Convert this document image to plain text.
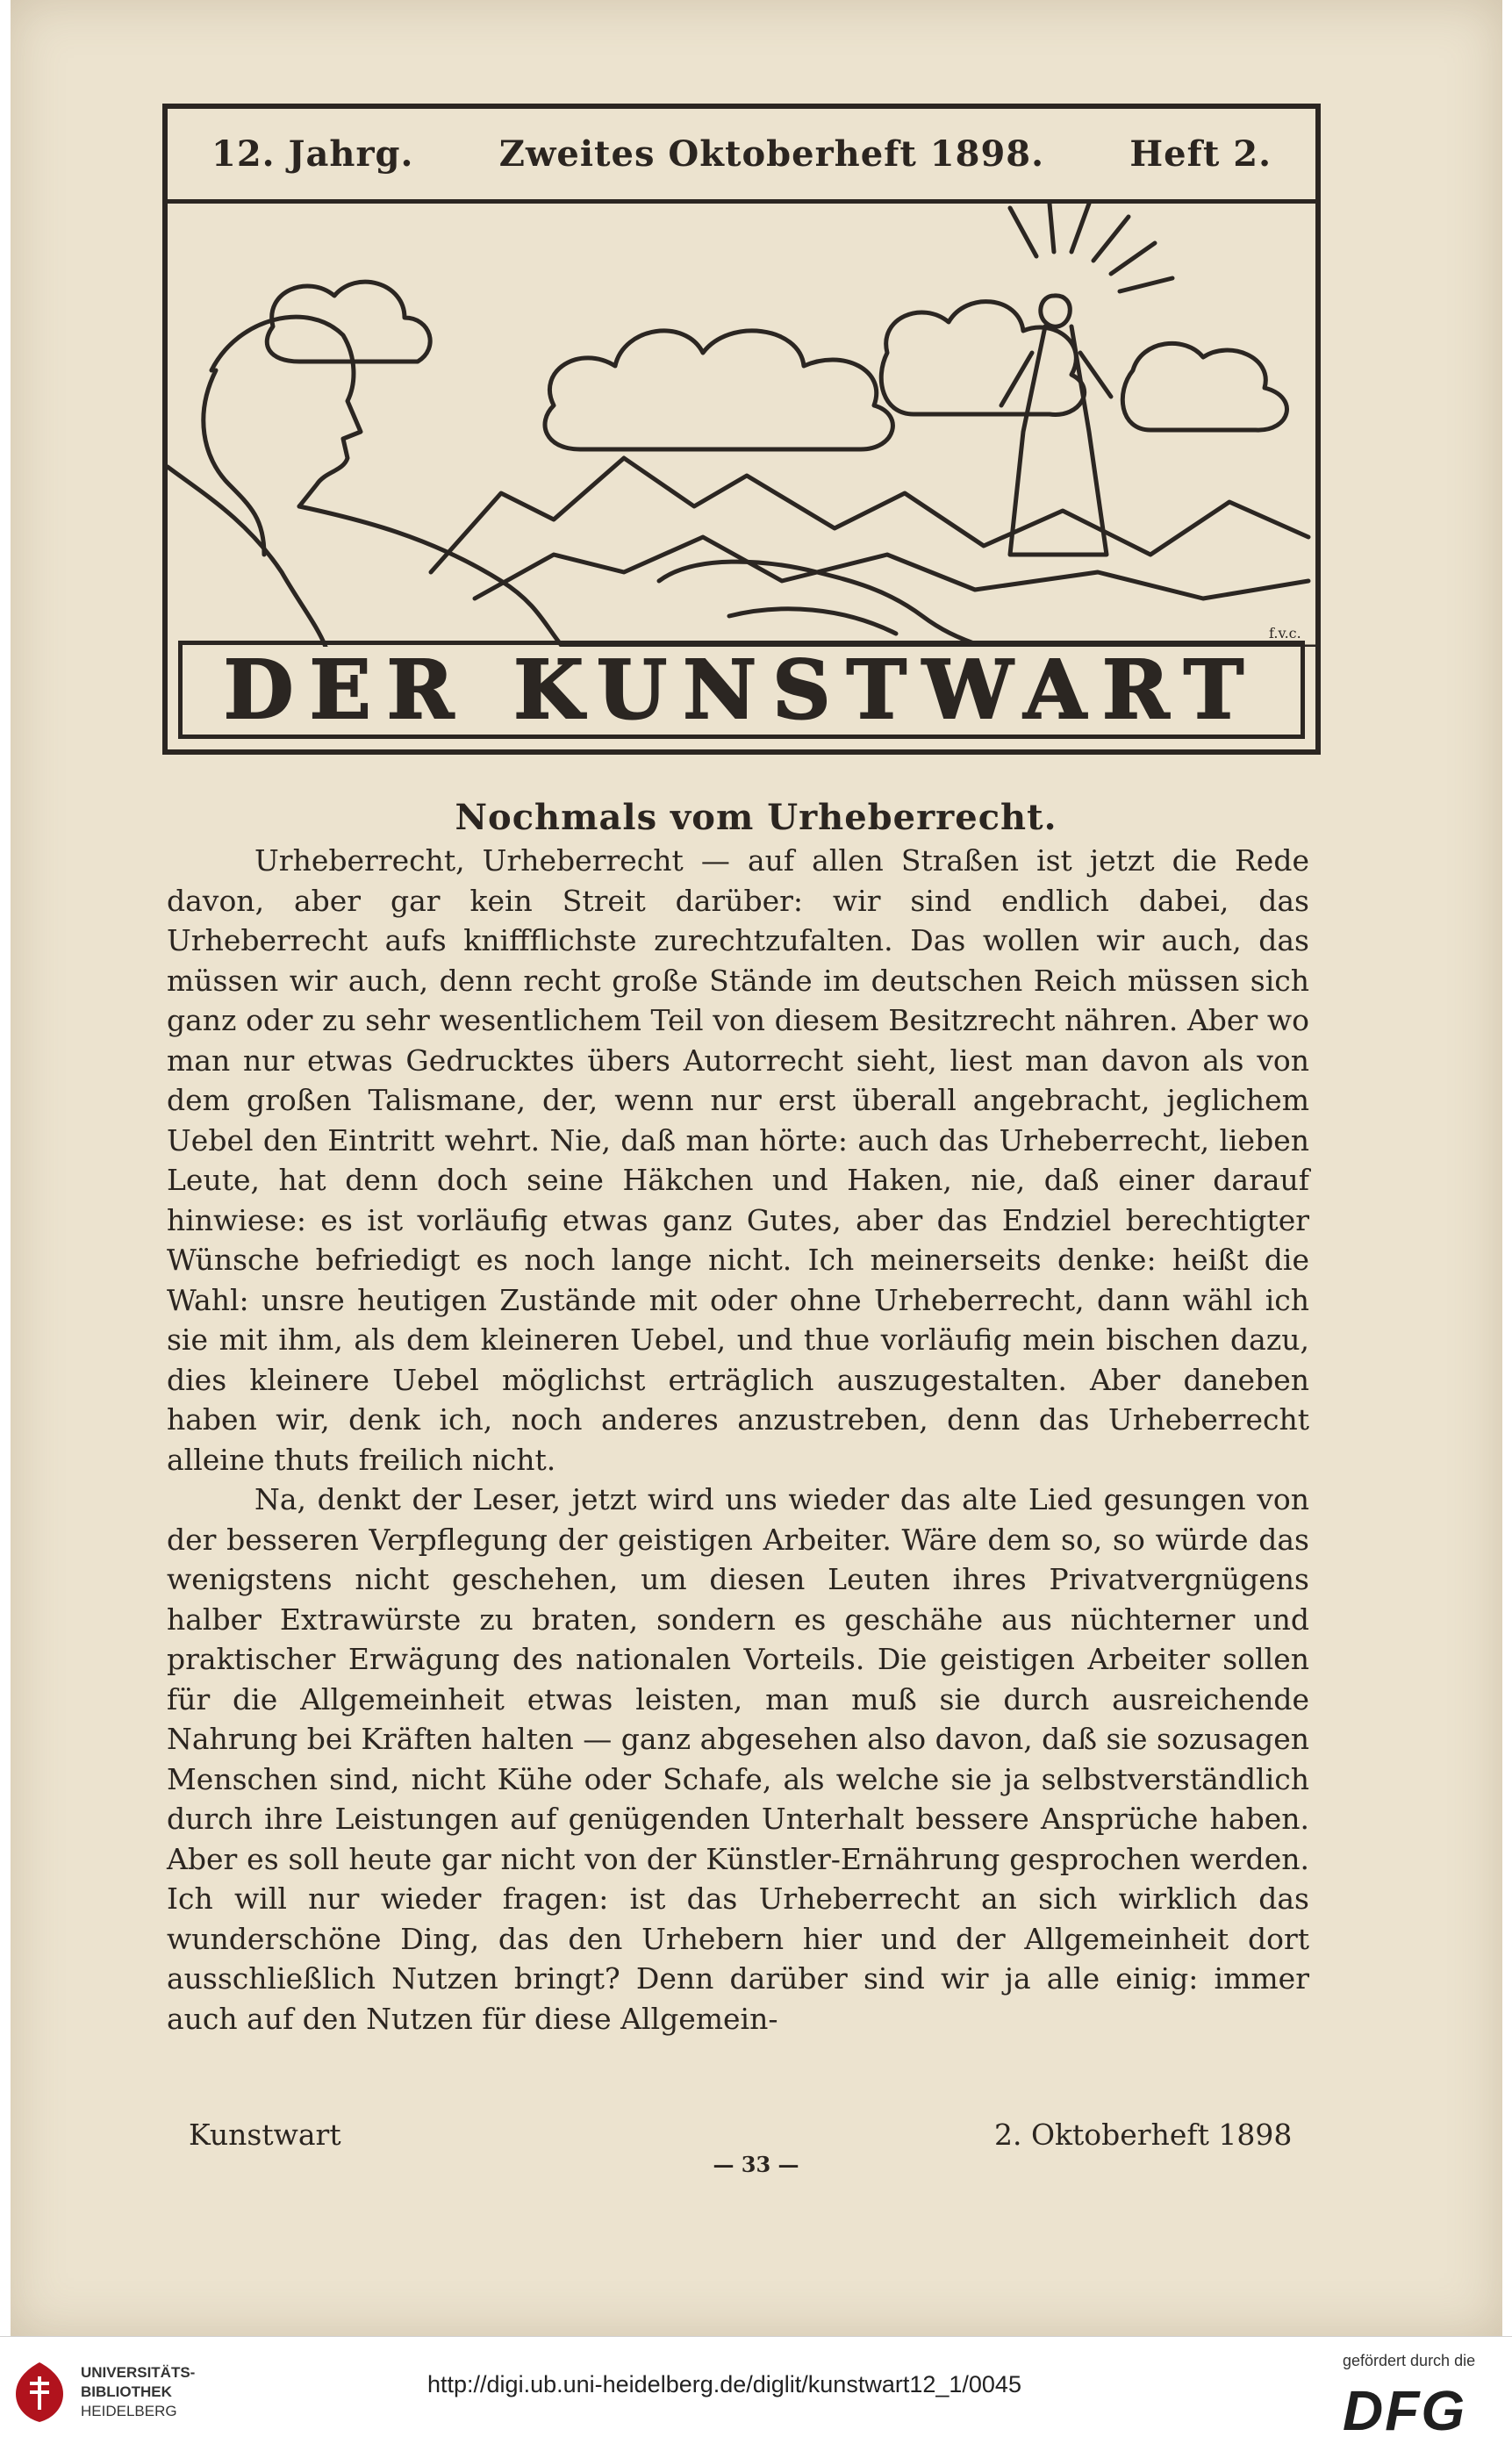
12. Jahrg. Zweites Oktoberheft 1898. Heft 2.
f.v.c.
DER KUNSTWART
Nochmals vom Urheberrecht.

Urheberrecht, Urheberrecht — auf allen Straßen ist jetzt die Rede davon, aber gar kein Streit darüber: wir sind endlich dabei, das Urheberrecht aufs kniffflichste zurechtzufalten. Das wollen wir auch, das müssen wir auch, denn recht große Stände im deutschen Reich müssen sich ganz oder zu sehr wesentlichem Teil von diesem Besitzrecht nähren. Aber wo man nur etwas Gedrucktes übers Autorrecht sieht, liest man davon als von dem großen Talismane, der, wenn nur erst überall angebracht, jeglichem Uebel den Eintritt wehrt. Nie, daß man hörte: auch das Urheberrecht, lieben Leute, hat denn doch seine Häkchen und Haken, nie, daß einer darauf hinwiese: es ist vorläufig etwas ganz Gutes, aber das Endziel berechtigter Wünsche befriedigt es noch lange nicht. Ich meinerseits denke: heißt die Wahl: unsre heutigen Zustände mit oder ohne Urheberrecht, dann wähl ich sie mit ihm, als dem kleineren Uebel, und thue vorläufig mein bischen dazu, dies kleinere Uebel möglichst erträglich auszugestalten. Aber daneben haben wir, denk ich, noch anderes anzustreben, denn das Urheberrecht alleine thuts freilich nicht.

Na, denkt der Leser, jetzt wird uns wieder das alte Lied gesungen von der besseren Verpflegung der geistigen Arbeiter. Wäre dem so, so würde das wenigstens nicht geschehen, um diesen Leuten ihres Privatvergnügens halber Extrawürste zu braten, sondern es geschähe aus nüchterner und praktischer Erwägung des nationalen Vorteils. Die geistigen Arbeiter sollen für die Allgemeinheit etwas leisten, man muß sie durch ausreichende Nahrung bei Kräften halten — ganz abgesehen also davon, daß sie sozusagen Menschen sind, nicht Kühe oder Schafe, als welche sie ja selbstverständlich durch ihre Leistungen auf genügenden Unterhalt bessere Ansprüche haben. Aber es soll heute gar nicht von der Künstler-Ernährung gesprochen werden. Ich will nur wieder fragen: ist das Urheberrecht an sich wirklich das wunderschöne Ding, das den Urhebern hier und der Allgemeinheit dort ausschließlich Nutzen bringt? Denn darüber sind wir ja alle einig: immer auch auf den Nutzen für diese Allgemein-

Kunstwart	2. Oktoberheft 1898
— 33 —
UNIVERSITÄTS-
BIBLIOTHEK
HEIDELBERG
http://digi.ub.uni-heidelberg.de/diglit/kunstwart12_1/0045
gefördert durch die
DFG
